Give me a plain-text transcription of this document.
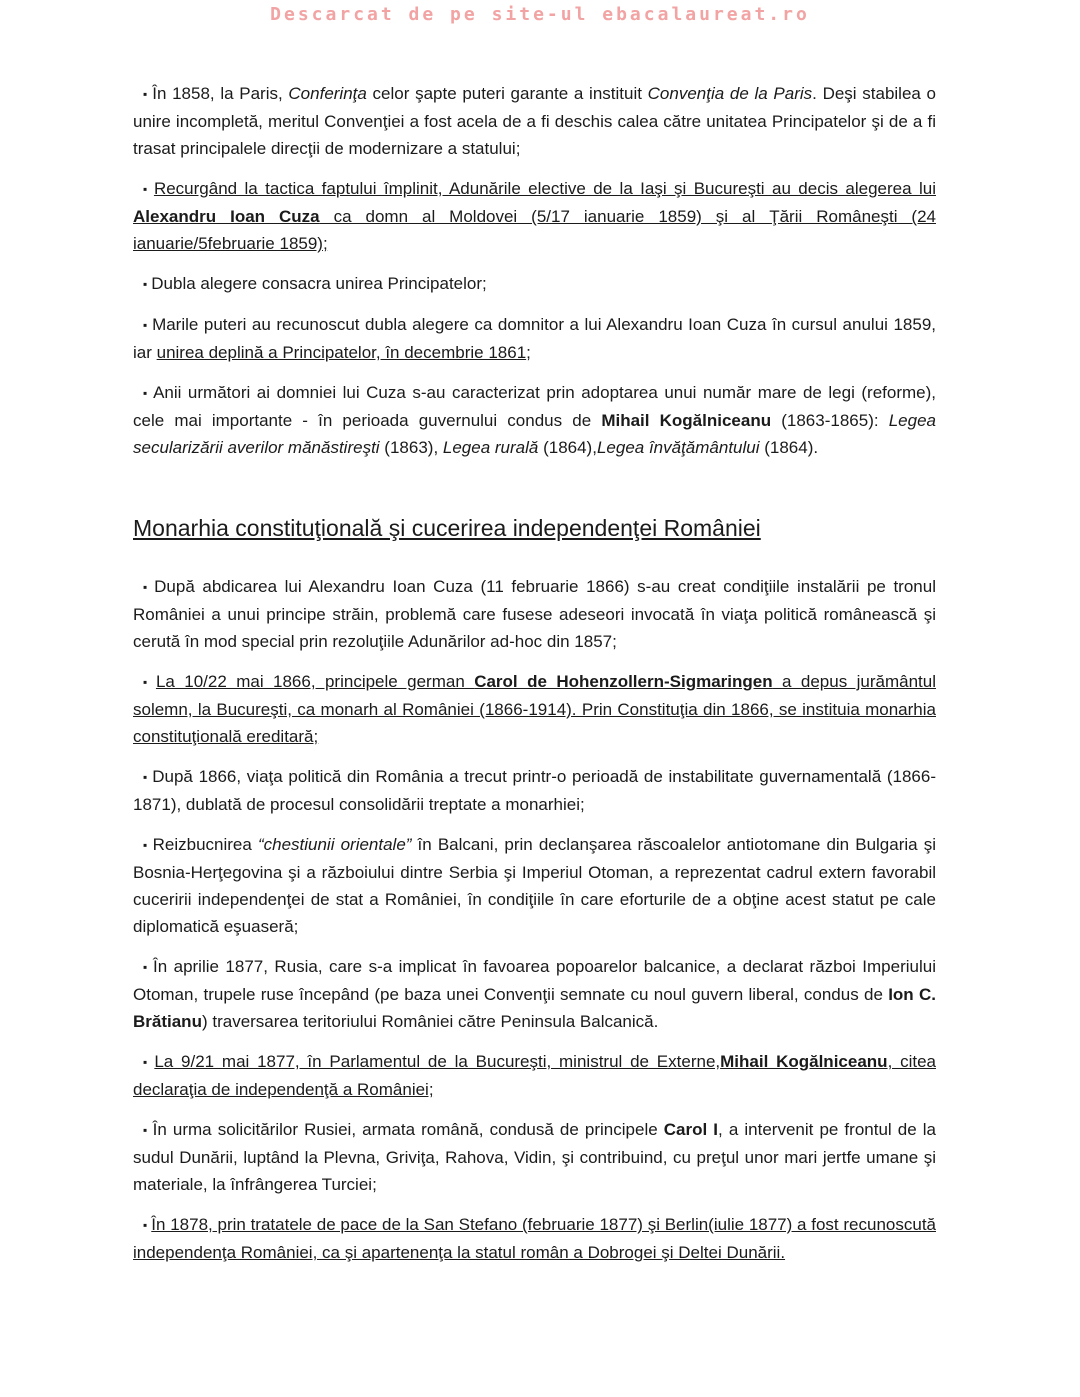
Descarcat de pe site-ul ebacalaureat.ro

▪ În 1858, la Paris, Conferinţa celor şapte puteri garante a instituit Convenţia de la Paris. Deşi stabilea o unire incompletă, meritul Convenţiei a fost acela de a fi deschis calea către unitatea Principatelor şi de a fi trasat principalele direcţii de modernizare a statului;

▪ Recurgând la tactica faptului împlinit, Adunările elective de la Iaşi şi Bucureşti au decis alegerea lui Alexandru Ioan Cuza ca domn al Moldovei (5/17 ianuarie 1859) şi al Ţării Româneşti (24 ianuarie/5februarie 1859);

▪ Dubla alegere consacra unirea Principatelor;

▪ Marile puteri au recunoscut dubla alegere ca domnitor a lui Alexandru Ioan Cuza în cursul anului 1859, iar unirea deplină a Principatelor, în decembrie 1861;

▪ Anii următori ai domniei lui Cuza s-au caracterizat prin adoptarea unui număr mare de legi (reforme), cele mai importante - în perioada guvernului condus de Mihail Kogălniceanu (1863-1865): Legea secularizării averilor mănăstireşti (1863), Legea rurală (1864),Legea învăţământului (1864).

Monarhia constituţională şi cucerirea independenţei României

▪ După abdicarea lui Alexandru Ioan Cuza (11 februarie 1866) s-au creat condiţiile instalării pe tronul României a unui principe străin, problemă care fusese adeseori invocată în viaţa politică românească şi cerută în mod special prin rezoluţiile Adunărilor ad-hoc din 1857;

▪ La 10/22 mai 1866, principele german Carol de Hohenzollern-Sigmaringen a depus jurământul solemn, la Bucureşti, ca monarh al României (1866-1914). Prin Constituţia din 1866, se instituia monarhia constituţională ereditară;

▪ După 1866, viaţa politică din România a trecut printr-o perioadă de instabilitate guvernamentală (1866-1871), dublată de procesul consolidării treptate a monarhiei;

▪ Reizbucnirea “chestiunii orientale” în Balcani, prin declanşarea răscoalelor antiotomane din Bulgaria şi Bosnia-Herţegovina şi a războiului dintre Serbia şi Imperiul Otoman, a reprezentat cadrul extern favorabil cuceririi independenţei de stat a României, în condiţiile în care eforturile de a obţine acest statut pe cale diplomatică eşuaseră;

▪ În aprilie 1877, Rusia, care s-a implicat în favoarea popoarelor balcanice, a declarat război Imperiului Otoman, trupele ruse începând (pe baza unei Convenţii semnate cu noul guvern liberal, condus de Ion C. Brătianu) traversarea teritoriului României către Peninsula Balcanică.

▪ La 9/21 mai 1877, în Parlamentul de la Bucureşti, ministrul de Externe,Mihail Kogălniceanu, citea declaraţia de independenţă a României;

▪ În urma solicitărilor Rusiei, armata română, condusă de principele Carol I, a intervenit pe frontul de la sudul Dunării, luptând la Plevna, Griviţa, Rahova, Vidin, şi contribuind, cu preţul unor mari jertfe umane şi materiale, la înfrângerea Turciei;

▪ În 1878, prin tratatele de pace de la San Stefano (februarie 1877) şi Berlin(iulie 1877) a fost recunoscută independenţa României, ca şi apartenenţa la statul român a Dobrogei şi Deltei Dunării.
